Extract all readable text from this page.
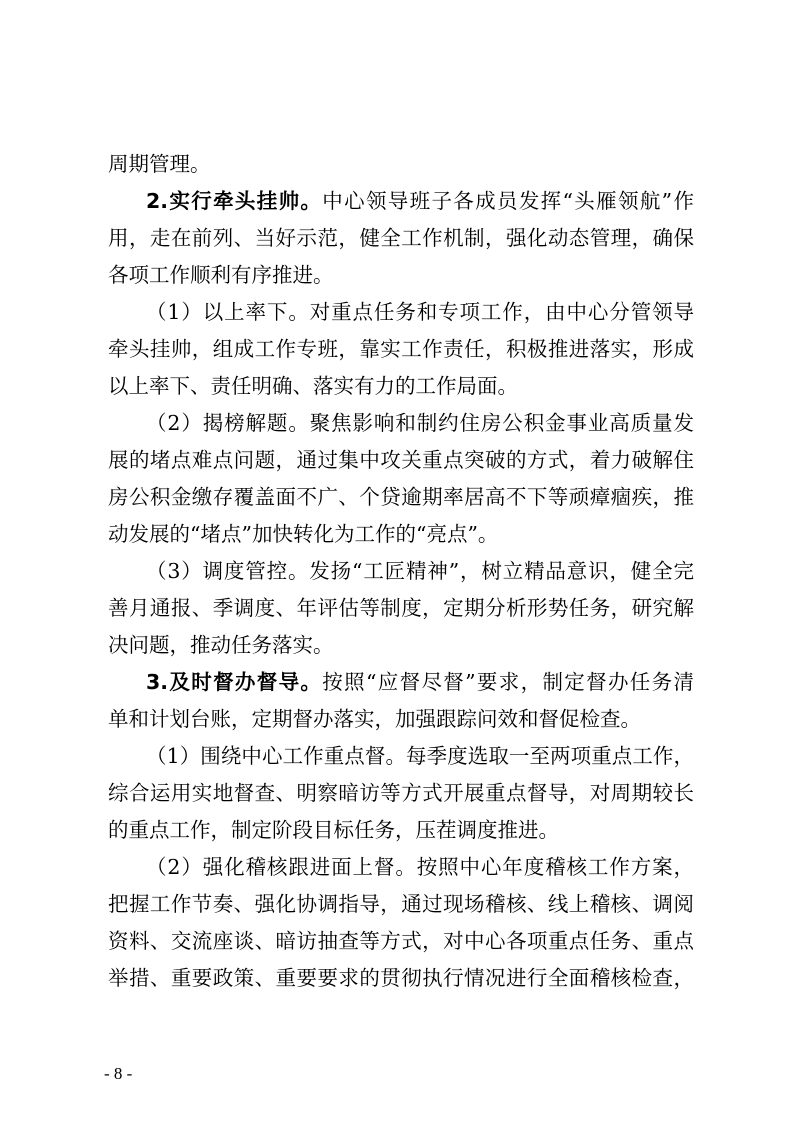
周期管理。
2.实行牵头挂帅。中心领导班子各成员发挥“头雁领航”作
用，走在前列、当好示范，健全工作机制，强化动态管理，确保
各项工作顺利有序推进。
（1）以上率下。对重点任务和专项工作，由中心分管领导
牵头挂帅，组成工作专班，靠实工作责任，积极推进落实，形成
以上率下、责任明确、落实有力的工作局面。
（2）揭榜解题。聚焦影响和制约住房公积金事业高质量发
展的堵点难点问题，通过集中攻关重点突破的方式，着力破解住
房公积金缴存覆盖面不广、个贷逾期率居高不下等顽瘴痼疾，推
动发展的“堵点”加快转化为工作的“亮点”。
（3）调度管控。发扬“工匠精神”，树立精品意识，健全完
善月通报、季调度、年评估等制度，定期分析形势任务，研究解
决问题，推动任务落实。
3.及时督办督导。按照“应督尽督”要求，制定督办任务清
单和计划台账，定期督办落实，加强跟踪问效和督促检查。
（1）围绕中心工作重点督。每季度选取一至两项重点工作，
综合运用实地督查、明察暗访等方式开展重点督导，对周期较长
的重点工作，制定阶段目标任务，压茬调度推进。
（2）强化稽核跟进面上督。按照中心年度稽核工作方案，
把握工作节奏、强化协调指导，通过现场稽核、线上稽核、调阅
资料、交流座谈、暗访抽查等方式，对中心各项重点任务、重点
举措、重要政策、重要要求的贯彻执行情况进行全面稽核检查，
- 8 -
